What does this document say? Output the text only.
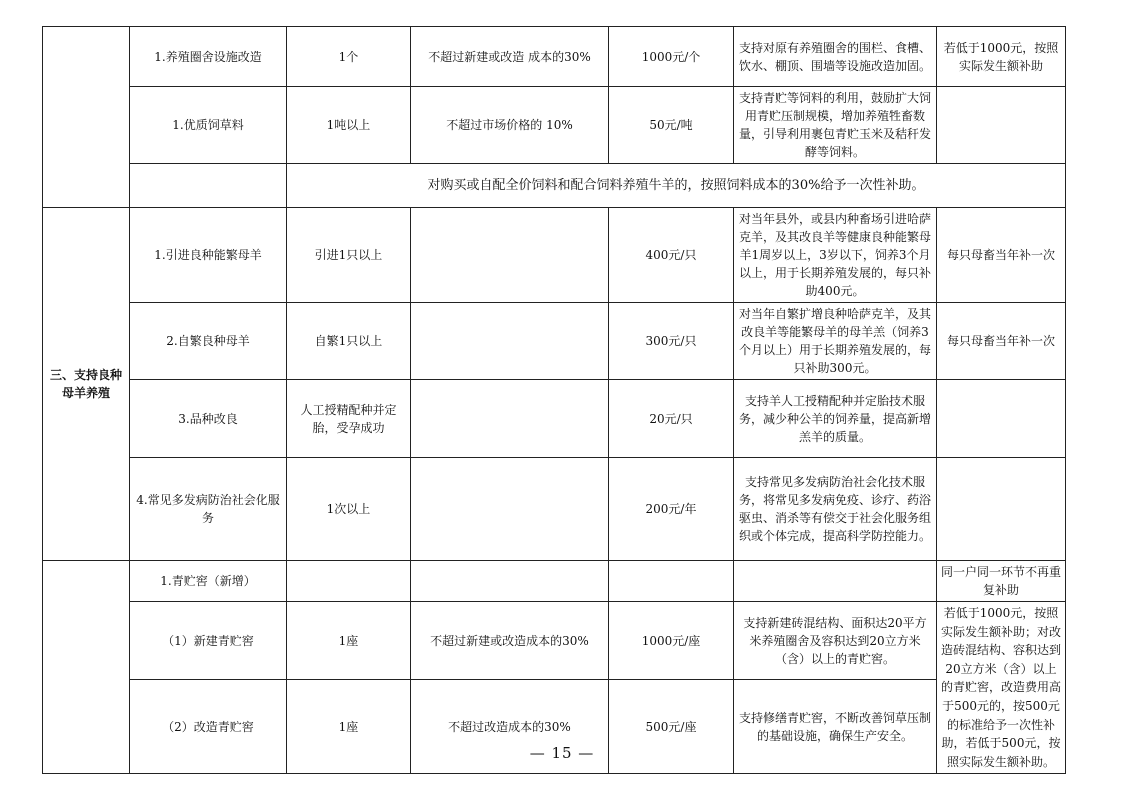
	1.养殖圈舍设施改造	1个	不超过新建或改造 成本的30%	1000元/个	支持对原有养殖圈舍的围栏、食槽、饮水、棚顶、围墙等设施改造加固。	若低于1000元，按照实际发生额补助
	1.优质饲草料	1吨以上	不超过市场价格的 10%	50元/吨	支持青贮等饲料的利用，鼓励扩大饲用青贮压制规模，增加养殖牲畜数量，引导利用裹包青贮玉米及秸秆发酵等饲料。	
		对购买或自配全价饲料和配合饲料养殖牛羊的，按照饲料成本的30%给予一次性补助。				
三、支持良种母羊养殖	1.引进良种能繁母羊	引进1只以上		400元/只	对当年县外，或县内种畜场引进哈萨克羊，及其改良羊等健康良种能繁母羊1周岁以上，3岁以下，饲养3个月以上，用于长期养殖发展的，每只补助400元。	每只母畜当年补一次
	2.自繁良种母羊	自繁1只以上		300元/只	对当年自繁扩增良种哈萨克羊，及其改良羊等能繁母羊的母羊羔（饲养3个月以上）用于长期养殖发展的，每只补助300元。	每只母畜当年补一次
	3.品种改良	人工授精配种并定胎，受孕成功		20元/只	支持羊人工授精配种并定胎技术服务，减少种公羊的饲养量，提高新增羔羊的质量。	
	4.常见多发病防治社会化服务	1次以上		200元/年	支持常见多发病防治社会化技术服务，将常见多发病免疫、诊疗、药浴驱虫、消杀等有偿交于社会化服务组织或个体完成，提高科学防控能力。	
	1.青贮窖（新增）					同一户同一环节不再重复补助
	（1）新建青贮窖	1座	不超过新建或改造成本的30%	1000元/座	支持新建砖混结构、面积达20平方米养殖圈舍及容积达到20立方米（含）以上的青贮窖。	若低于1000元，按照实际发生额补助；对改造砖混结构、容积达到20立方米（含）以上的青贮窖，改造费用高于500元的，按500元的标准给予一次性补助，若低于500元，按照实际发生额补助。
	（2）改造青贮窖	1座	不超过改造成本的30%	500元/座	支持修缮青贮窖，不断改善饲草压制的基础设施，确保生产安全。	
— 15 —
